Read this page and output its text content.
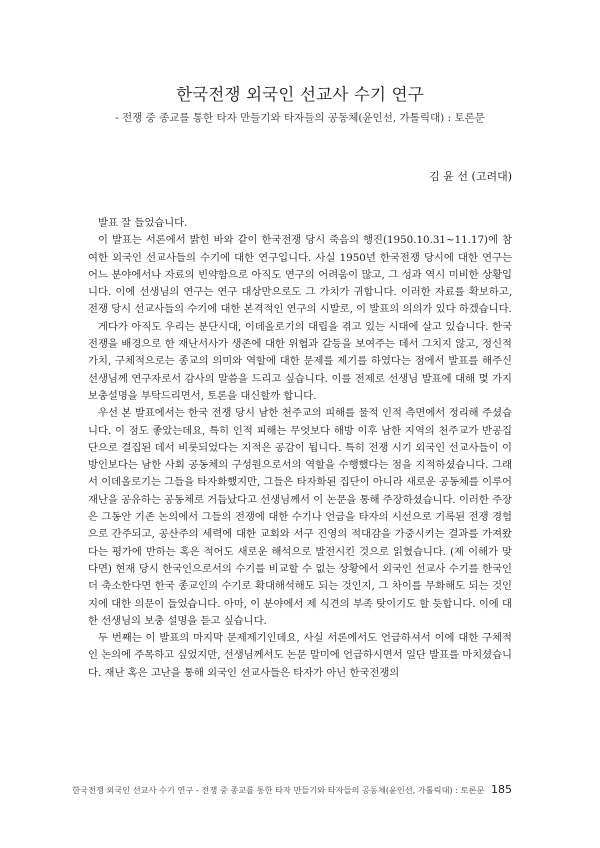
한국전쟁 외국인 선교사 수기 연구
- 전쟁 중 종교를 통한 타자 만들기와 타자들의 공동체(윤인선, 가톨릭대) : 토론문
김 윤 선 (고려대)

발표 잘 들었습니다.

이 발표는 서론에서 밝힌 바와 같이 한국전쟁 당시 죽음의 행진(1950.10.31~11.17)에 참여한 외국인 선교사들의 수기에 대한 연구입니다. 사실 1950년 한국전쟁 당시에 대한 연구는 어느 분야에서나 자료의 빈약함으로 아직도 연구의 어려움이 많고, 그 성과 역시 미비한 상황입니다. 이에 선생님의 연구는 연구 대상만으로도 그 가치가 귀합니다. 이러한 자료를 확보하고, 전쟁 당시 선교사들의 수기에 대한 본격적인 연구의 시발로, 이 발표의 의의가 있다 하겠습니다.

게다가 아직도 우리는 분단시대, 이데올로기의 대립을 겪고 있는 시대에 살고 있습니다. 한국전쟁을 배경으로 한 재난서사가 생존에 대한 위협과 갈등을 보여주는 데서 그치지 않고, 정신적 가치, 구체적으로는 종교의 의미와 역할에 대한 문제를 제기를 하였다는 점에서 발표를 해주신 선생님께 연구자로서 감사의 말씀을 드리고 싶습니다. 이를 전제로 선생님 발표에 대해 몇 가지 보충설명을 부탁드리면서, 토론을 대신할까 합니다.

우선 본 발표에서는 한국 전쟁 당시 남한 천주교의 피해를 물적 인적 측면에서 정리해 주셨습니다. 이 점도 좋았는데요, 특히 인적 피해는 무엇보다 해방 이후 남한 지역의 천주교가 반공집단으로 결집된 데서 비롯되었다는 지적은 공감이 됩니다. 특히 전쟁 시기 외국인 선교사들이 이방인보다는 남한 사회 공동체의 구성원으로서의 역할을 수행했다는 점을 지적하셨습니다. 그래서 이데올로기는 그들을 타자화했지만, 그들은 타자화된 집단이 아니라 새로운 공동체를 이루어 재난을 공유하는 공동체로 거듭났다고 선생님께서 이 논문을 통해 주장하셨습니다. 이러한 주장은 그동안 기존 논의에서 그들의 전쟁에 대한 수기나 언급을 타자의 시선으로 기록된 전쟁 경험으로 간주되고, 공산주의 세력에 대한 교회와 서구 진영의 적대감을 가중시키는 결과를 가져왔다는 평가에 반하는 혹은 적어도 새로운 해석으로 발전시킨 것으로 읽혔습니다. (제 이해가 맞다면) 현재 당시 한국인으로서의 수기를 비교할 수 없는 상황에서 외국인 선교사 수기를 한국인 더 축소한다면 한국 종교인의 수기로 확대해석해도 되는 것인지, 그 차이를 무화해도 되는 것인지에 대한 의문이 들었습니다. 아마, 이 분야에서 제 식견의 부족 탓이기도 할 듯합니다. 이에 대한 선생님의 보충 설명을 듣고 싶습니다.

두 번째는 이 발표의 마지막 문제제기인데요, 사실 서론에서도 언급하셔서 이에 대한 구체적인 논의에 주목하고 싶었지만, 선생님께서도 논문 말미에 언급하시면서 일단 발표를 마치셨습니다. 재난 혹은 고난을 통해 외국인 선교사들은 타자가 아닌 한국전쟁의

한국전쟁 외국인 선교사 수기 연구 - 전쟁 중 종교를 통한 타자 만들기와 타자들의 공동체(윤인선, 가톨릭대) : 토론문 185
